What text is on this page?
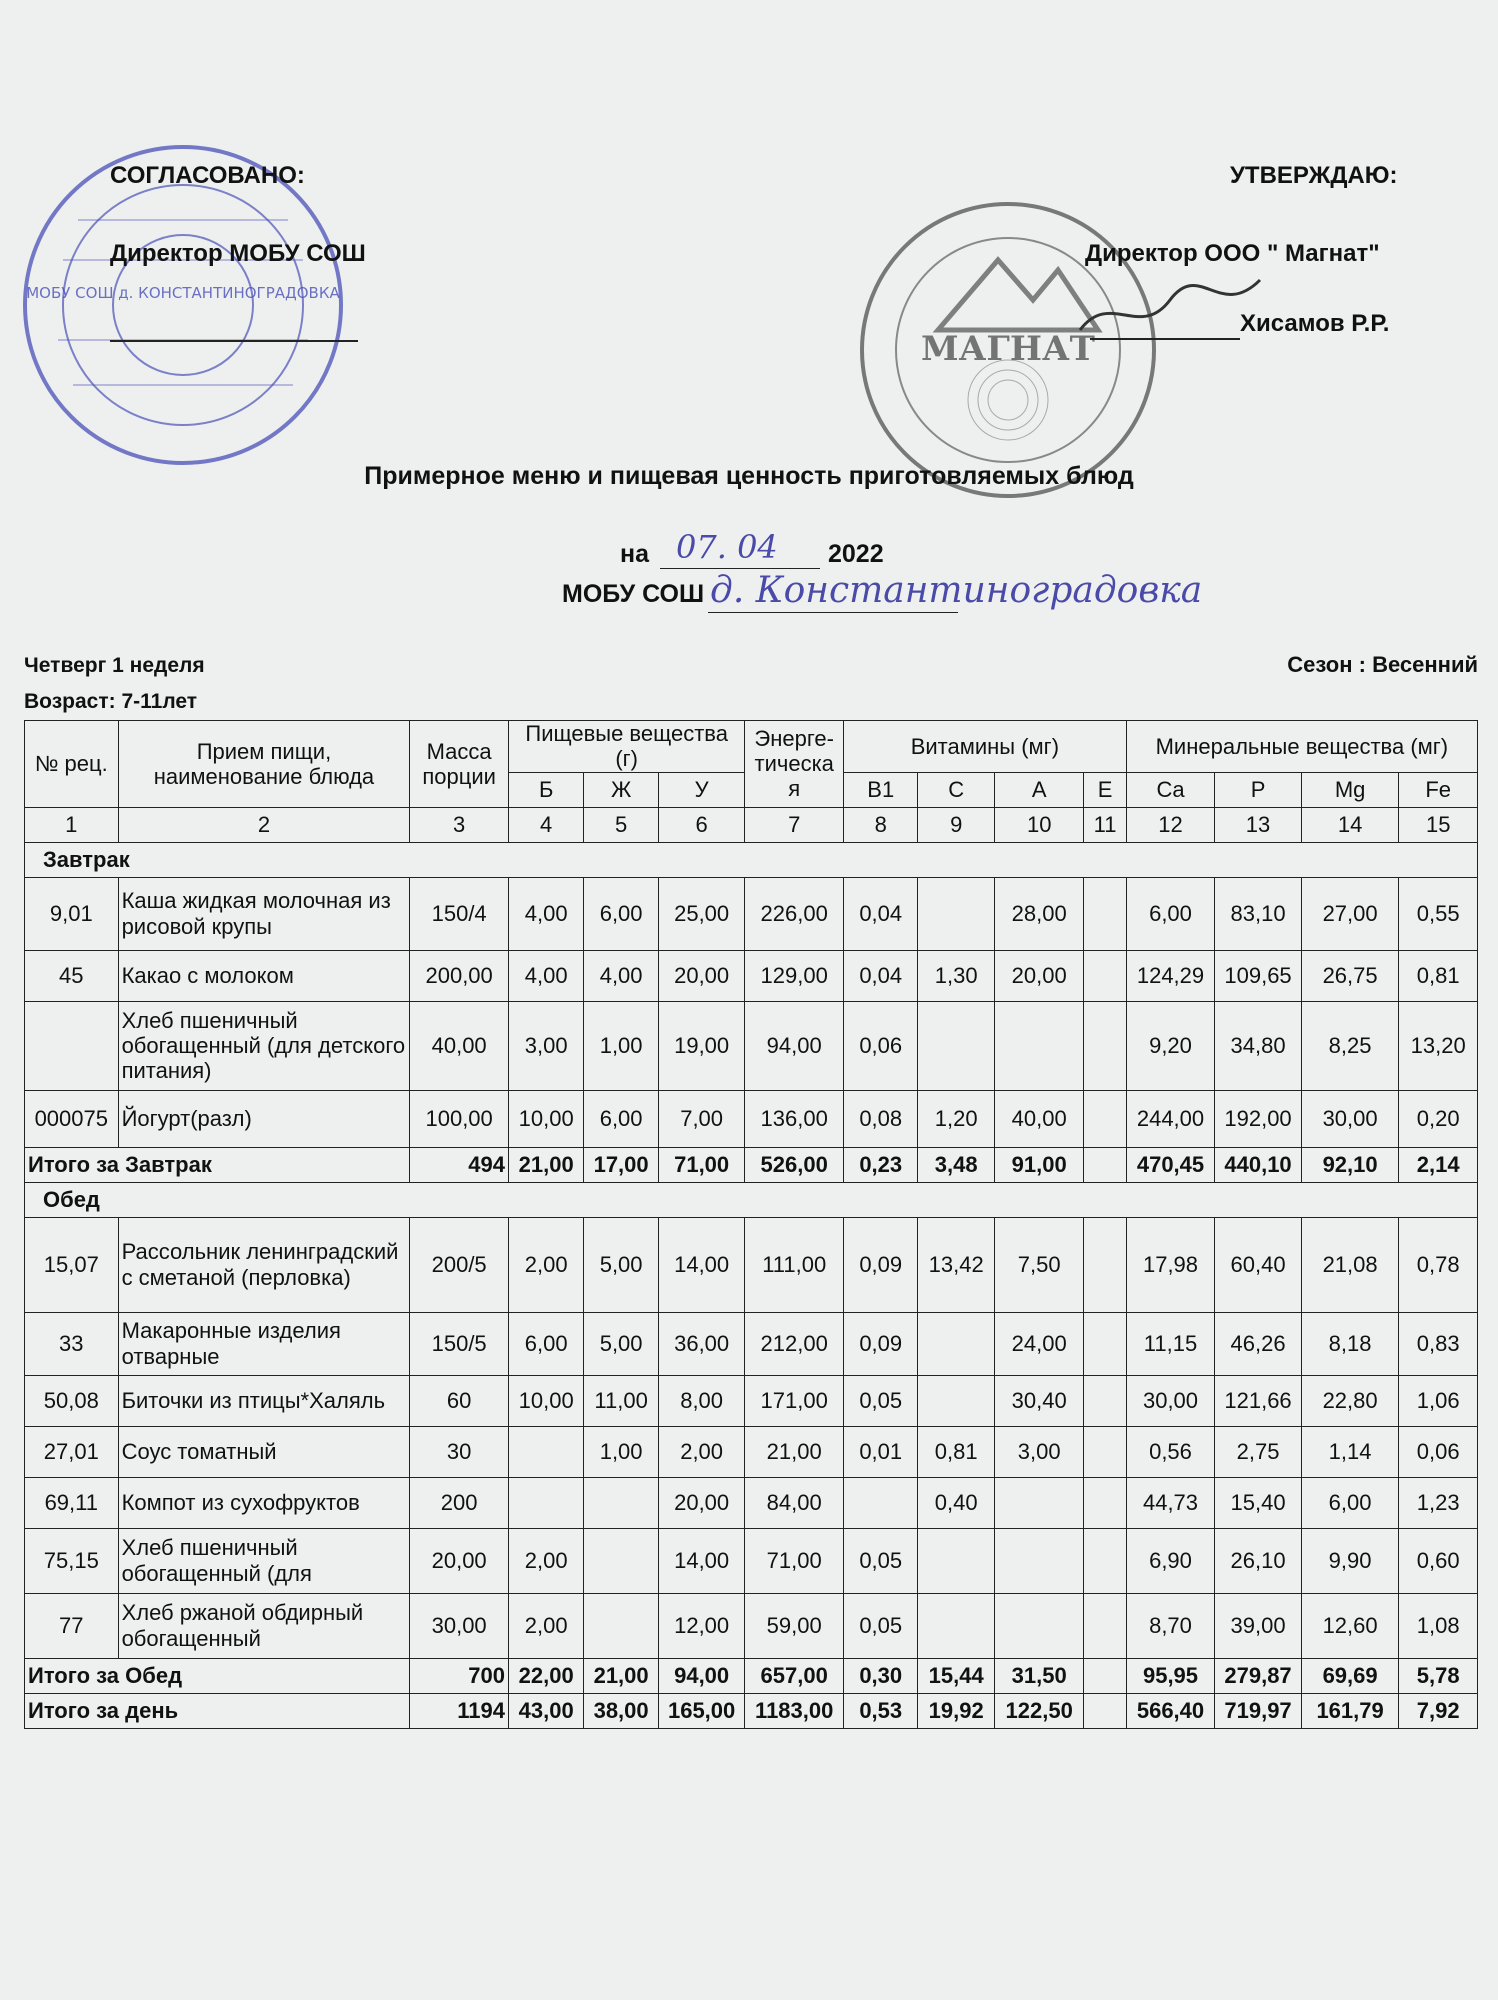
МОБУ СОШ д. КОНСТАНТИНОГРАДОВКА
МАГНАТ
СОГЛАСОВАНО:
Директор МОБУ СОШ
УТВЕРЖДАЮ:
Директор ООО " Магнат"
Хисамов Р.Р.
Примерное меню и пищевая ценность приготовляемых блюд
на 07. 04 2022
МОБУ СОШ д. Константиноградовка
Четверг 1 неделя	Сезон : Весенний
Возраст: 7-11лет
№ рец.	Прием пищи, наименование блюда	Масса порции	Пищевые вещества (г)			Энерге-тическа я	Витамины (мг)				Минеральные вещества (мг)			
			Б	Ж	У		В1	С	А	Е	Ca	P	Mg	Fe
1	2	3	4	5	6	7	8	9	10	11	12	13	14	15
Завтрак														
9,01	Каша жидкая молочная из рисовой крупы	150/4	4,00	6,00	25,00	226,00	0,04		28,00		6,00	83,10	27,00	0,55
45	Какао с молоком	200,00	4,00	4,00	20,00	129,00	0,04	1,30	20,00		124,29	109,65	26,75	0,81
	Хлеб пшеничный обогащенный (для детского питания)	40,00	3,00	1,00	19,00	94,00	0,06				9,20	34,80	8,25	13,20
000075	Йогурт(разл)	100,00	10,00	6,00	7,00	136,00	0,08	1,20	40,00		244,00	192,00	30,00	0,20
Итого за Завтрак		494	21,00	17,00	71,00	526,00	0,23	3,48	91,00		470,45	440,10	92,10	2,14
Обед														
15,07	Рассольник ленинградский с сметаной (перловка)	200/5	2,00	5,00	14,00	111,00	0,09	13,42	7,50		17,98	60,40	21,08	0,78
33	Макаронные изделия отварные	150/5	6,00	5,00	36,00	212,00	0,09		24,00		11,15	46,26	8,18	0,83
50,08	Биточки из птицы*Халяль	60	10,00	11,00	8,00	171,00	0,05		30,40		30,00	121,66	22,80	1,06
27,01	Соус томатный	30		1,00	2,00	21,00	0,01	0,81	3,00		0,56	2,75	1,14	0,06
69,11	Компот из сухофруктов	200			20,00	84,00		0,40			44,73	15,40	6,00	1,23
75,15	Хлеб пшеничный обогащенный (для	20,00	2,00		14,00	71,00	0,05				6,90	26,10	9,90	0,60
77	Хлеб ржаной обдирный обогащенный	30,00	2,00		12,00	59,00	0,05				8,70	39,00	12,60	1,08
Итого за Обед		700	22,00	21,00	94,00	657,00	0,30	15,44	31,50		95,95	279,87	69,69	5,78
Итого за день		1194	43,00	38,00	165,00	1183,00	0,53	19,92	122,50		566,40	719,97	161,79	7,92
